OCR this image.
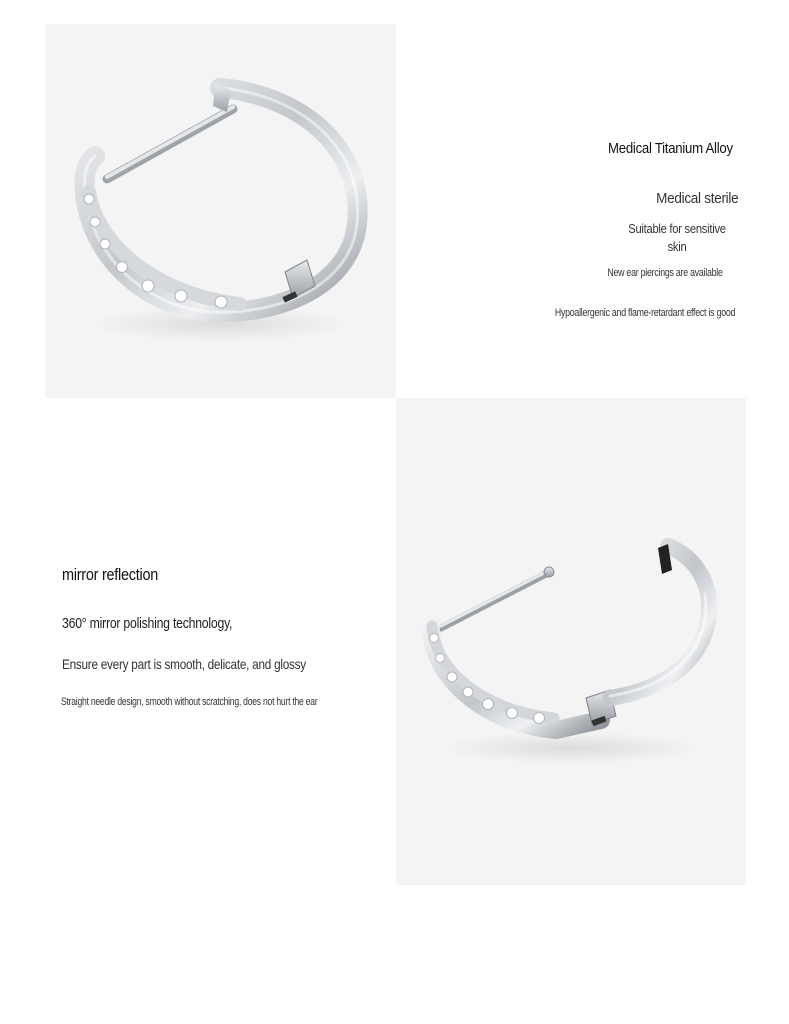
Medical Titanium Alloy
Medical sterile
Suitable for sensitive
skin
New ear piercings are available
Hypoallergenic and flame-retardant effect is good
mirror reflection
360° mirror polishing technology,
Ensure every part is smooth, delicate, and glossy
Straight needle design, smooth without scratching, does not hurt the ear
